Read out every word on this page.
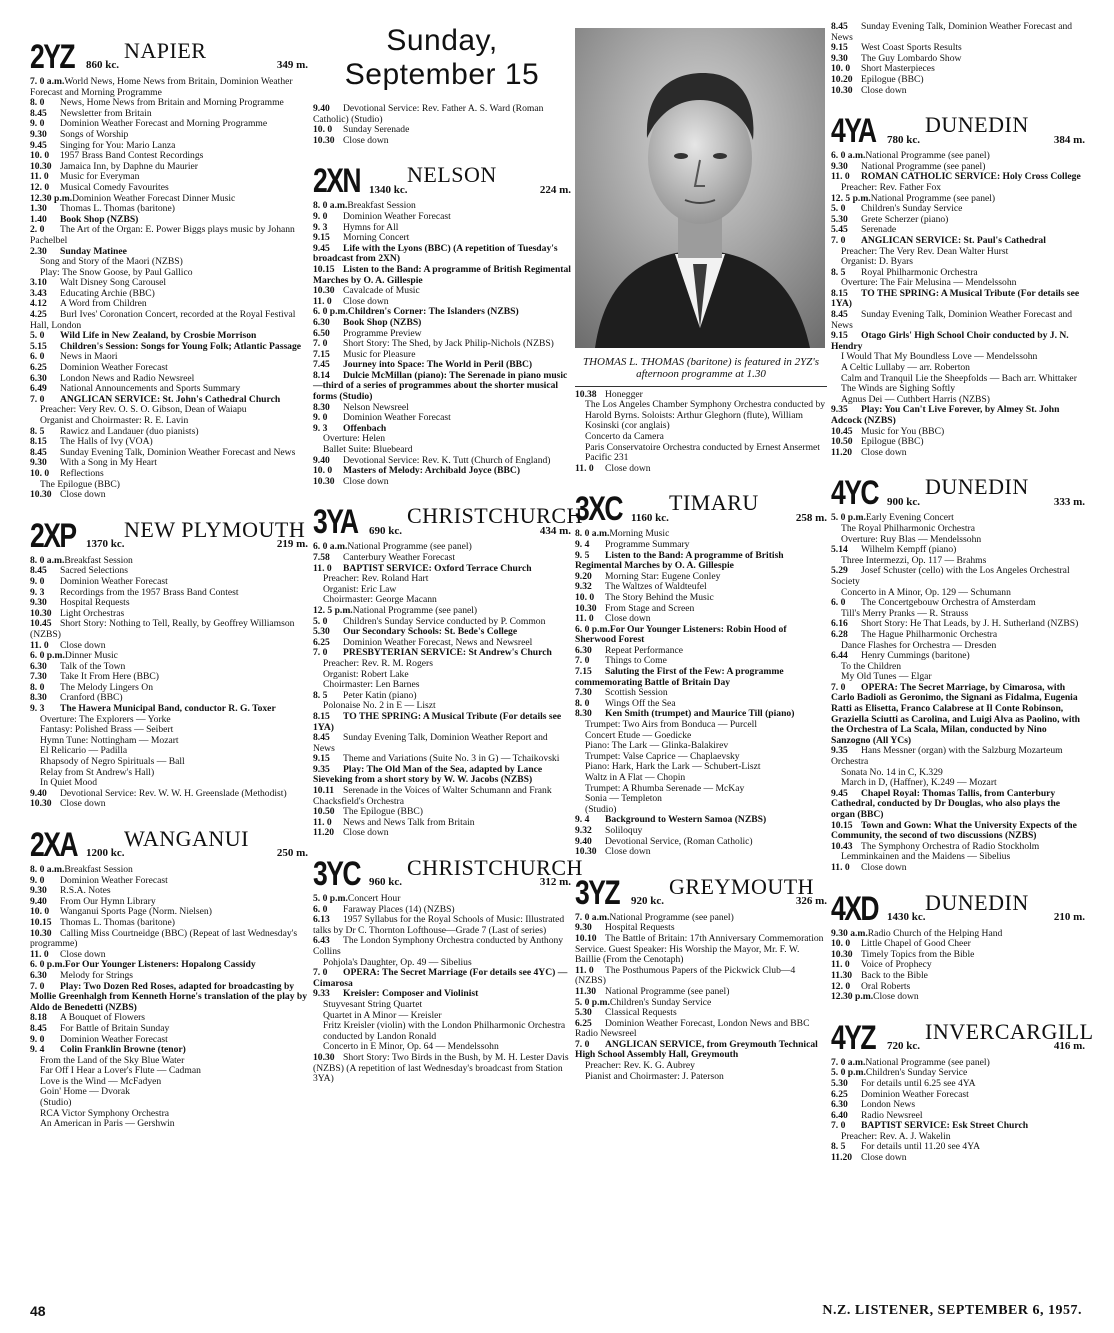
2YZ 860 kc.
NAPIER
349 m.

7. 0 a.m.World News, Home News from Britain, Dominion Weather Forecast and Morning Programme

8. 0News, Home News from Britain and Morning Programme

8.45Newsletter from Britain

9. 0Dominion Weather Forecast and Morning Programme

9.30Songs of Worship

9.45Singing for You: Mario Lanza

10. 01957 Brass Band Contest Recordings

10.30Jamaica Inn, by Daphne du Maurier

11. 0Music for Everyman

12. 0Musical Comedy Favourites

12.30 p.m.Dominion Weather Forecast Dinner Music

1.30Thomas L. Thomas (baritone)

1.40Book Shop (NZBS)

2. 0The Art of the Organ: E. Power Biggs plays music by Johann Pachelbel

2.30Sunday Matinee

Song and Story of the Maori (NZBS)

Play: The Snow Goose, by Paul Gallico

3.10Walt Disney Song Carousel

3.43Educating Archie (BBC)

4.12A Word from Children

4.25Burl Ives' Coronation Concert, recorded at the Royal Festival Hall, London

5. 0Wild Life in New Zealand, by Crosbie Morrison

5.15Children's Session: Songs for Young Folk; Atlantic Passage

6. 0News in Maori

6.25Dominion Weather Forecast

6.30London News and Radio Newsreel

6.49National Announcements and Sports Summary

7. 0ANGLICAN SERVICE: St. John's Cathedral Church

Preacher: Very Rev. O. S. O. Gibson, Dean of Waiapu

Organist and Choirmaster: R. E. Lavin

8. 5Rawicz and Landauer (duo pianists)

8.15The Halls of Ivy (VOA)

8.45Sunday Evening Talk, Dominion Weather Forecast and News

9.30With a Song in My Heart

10. 0Reflections

The Epilogue (BBC)

10.30Close down

2XP 1370 kc.
NEW PLYMOUTH
219 m.

8. 0 a.m.Breakfast Session

8.45Sacred Selections

9. 0Dominion Weather Forecast

9. 3Recordings from the 1957 Brass Band Contest

9.30Hospital Requests

10.30Light Orchestras

10.45Short Story: Nothing to Tell, Really, by Geoffrey Williamson (NZBS)

11. 0Close down

6. 0 p.m.Dinner Music

6.30Talk of the Town

7.30Take It From Here (BBC)

8. 0The Melody Lingers On

8.30Cranford (BBC)

9. 3The Hawera Municipal Band, conductor R. G. Toxer

Overture: The Explorers — Yorke

Fantasy: Polished Brass — Seibert

Hymn Tune: Nottingham — Mozart

El Relicario — Padilla

Rhapsody of Negro Spirituals — Ball

Relay from St Andrew's Hall)

In Quiet Mood

9.40Devotional Service: Rev. W. W. H. Greenslade (Methodist)

10.30Close down

2XA 1200 kc.
WANGANUI
250 m.

8. 0 a.m.Breakfast Session

9. 0Dominion Weather Forecast

9.30R.S.A. Notes

9.40From Our Hymn Library

10. 0Wanganui Sports Page (Norm. Nielsen)

10.15Thomas L. Thomas (baritone)

10.30Calling Miss Courtneidge (BBC) (Repeat of last Wednesday's programme)

11. 0Close down

6. 0 p.m.For Our Younger Listeners: Hopalong Cassidy

6.30Melody for Strings

7. 0Play: Two Dozen Red Roses, adapted for broadcasting by Mollie Greenhalgh from Kenneth Horne's translation of the play by Aldo de Benedetti (NZBS)

8.18A Bouquet of Flowers

8.45For Battle of Britain Sunday

9. 0Dominion Weather Forecast

9. 4Colin Franklin Browne (tenor)

From the Land of the Sky Blue Water

Far Off I Hear a Lover's Flute — Cadman

Love is the Wind — McFadyen

Goin' Home — Dvorak

(Studio)

RCA Victor Symphony Orchestra

An American in Paris — Gershwin

Sunday, September 15

9.40Devotional Service: Rev. Father A. S. Ward (Roman Catholic) (Studio)

10. 0Sunday Serenade

10.30Close down

2XN 1340 kc.
NELSON
224 m.

8. 0 a.m.Breakfast Session

9. 0Dominion Weather Forecast

9. 3Hymns for All

9.15Morning Concert

9.45Life with the Lyons (BBC) (A repetition of Tuesday's broadcast from 2XN)

10.15Listen to the Band: A programme of British Regimental Marches by O. A. Gillespie

10.30Cavalcade of Music

11. 0Close down

6. 0 p.m.Children's Corner: The Islanders (NZBS)

6.30Book Shop (NZBS)

6.50Programme Preview

7. 0Short Story: The Shed, by Jack Philip-Nichols (NZBS)

7.15Music for Pleasure

7.45Journey into Space: The World in Peril (BBC)

8.14Dulcie McMillan (piano): The Serenade in piano music—third of a series of programmes about the shorter musical forms (Studio)

8.30Nelson Newsreel

9. 0Dominion Weather Forecast

9. 3Offenbach

Overture: Helen

Ballet Suite: Bluebeard

9.40Devotional Service: Rev. K. Tutt (Church of England)

10. 0Masters of Melody: Archibald Joyce (BBC)

10.30Close down

3YA 690 kc.
CHRISTCHURCH
434 m.

6. 0 a.m.National Programme (see panel)

7.58Canterbury Weather Forecast

11. 0BAPTIST SERVICE: Oxford Terrace Church

Preacher: Rev. Roland Hart

Organist: Eric Law

Choirmaster: George Macann

12. 5 p.m.National Programme (see panel)

5. 0Children's Sunday Service conducted by P. Common

5.30Our Secondary Schools: St. Bede's College

6.25Dominion Weather Forecast, News and Newsreel

7. 0PRESBYTERIAN SERVICE: St Andrew's Church

Preacher: Rev. R. M. Rogers

Organist: Robert Lake

Choirmaster: Len Barnes

8. 5Peter Katin (piano)

Polonaise No. 2 in E — Liszt

8.15TO THE SPRING: A Musical Tribute (For details see 1YA)

8.45Sunday Evening Talk, Dominion Weather Report and News

9.15Theme and Variations (Suite No. 3 in G) — Tchaikovski

9.35Play: The Old Man of the Sea, adapted by Lance Sieveking from a short story by W. W. Jacobs (NZBS)

10.11Serenade in the Voices of Walter Schumann and Frank Chacksfield's Orchestra

10.50The Epilogue (BBC)

11. 0News and News Talk from Britain

11.20Close down

3YC 960 kc.
CHRISTCHURCH
312 m.

5. 0 p.m.Concert Hour

6. 0Faraway Places (14) (NZBS)

6.131957 Syllabus for the Royal Schools of Music: Illustrated talks by Dr C. Thornton Lofthouse—Grade 7 (Last of series)

6.43The London Symphony Orchestra conducted by Anthony Collins

Pohjola's Daughter, Op. 49 — Sibelius

7. 0OPERA: The Secret Marriage (For details see 4YC) — Cimarosa

9.33Kreisler: Composer and Violinist

Stuyvesant String Quartet

Quartet in A Minor — Kreisler

Fritz Kreisler (violin) with the London Philharmonic Orchestra conducted by Landon Ronald

Concerto in E Minor, Op. 64 — Mendelssohn

10.30Short Story: Two Birds in the Bush, by M. H. Lester Davis (NZBS) (A repetition of last Wednesday's broadcast from Station 3YA)

THOMAS L. THOMAS (baritone) is featured in 2YZ's afternoon programme at 1.30

10.38Honegger

The Los Angeles Chamber Symphony Orchestra conducted by Harold Byrns. Soloists: Arthur Gleghorn (flute), William Kosinski (cor anglais)

Concerto da Camera

Paris Conservatoire Orchestra conducted by Ernest Ansermet

Pacific 231

11. 0Close down

3XC 1160 kc.
TIMARU
258 m.

8. 0 a.m.Morning Music

9. 4Programme Summary

9. 5Listen to the Band: A programme of British Regimental Marches by O. A. Gillespie

9.20Morning Star: Eugene Conley

9.32The Waltzes of Waldteufel

10. 0The Story Behind the Music

10.30From Stage and Screen

11. 0Close down

6. 0 p.m.For Our Younger Listeners: Robin Hood of Sherwood Forest

6.30Repeat Performance

7. 0Things to Come

7.15Saluting the First of the Few: A programme commemorating Battle of Britain Day

7.30Scottish Session

8. 0Wings Off the Sea

8.30Ken Smith (trumpet) and Maurice Till (piano)

Trumpet: Two Airs from Bonduca — Purcell

Concert Etude — Goedicke

Piano: The Lark — Glinka-Balakirev

Trumpet: Valse Caprice — Chaplaevsky

Piano: Hark, Hark the Lark — Schubert-Liszt

Waltz in A Flat — Chopin

Trumpet: A Rhumba Serenade — McKay

Sonia — Templeton

(Studio)

9. 4Background to Western Samoa (NZBS)

9.32Soliloquy

9.40Devotional Service, (Roman Catholic)

10.30Close down

3YZ 920 kc.
GREYMOUTH
326 m.

7. 0 a.m.National Programme (see panel)

9.30Hospital Requests

10.10The Battle of Britain: 17th Anniversary Commemoration Service. Guest Speaker: His Worship the Mayor, Mr. F. W. Baillie (From the Cenotaph)

11. 0The Posthumous Papers of the Pickwick Club—4 (NZBS)

11.30National Programme (see panel)

5. 0 p.m.Children's Sunday Service

5.30Classical Requests

6.25Dominion Weather Forecast, London News and BBC Radio Newsreel

7. 0ANGLICAN SERVICE, from Greymouth Technical High School Assembly Hall, Greymouth

Preacher: Rev. K. G. Aubrey

Pianist and Choirmaster: J. Paterson

8.45Sunday Evening Talk, Dominion Weather Forecast and News

9.15West Coast Sports Results

9.30The Guy Lombardo Show

10. 0Short Masterpieces

10.20Epilogue (BBC)

10.30Close down

4YA 780 kc.
DUNEDIN
384 m.

6. 0 a.m.National Programme (see panel)

9.30National Programme (see panel)

11. 0ROMAN CATHOLIC SERVICE: Holy Cross College

Preacher: Rev. Father Fox

12. 5 p.m.National Programme (see panel)

5. 0Children's Sunday Service

5.30Grete Scherzer (piano)

5.45Serenade

7. 0ANGLICAN SERVICE: St. Paul's Cathedral

Preacher: The Very Rev. Dean Walter Hurst

Organist: D. Byars

8. 5Royal Philharmonic Orchestra

Overture: The Fair Melusina — Mendelssohn

8.15TO THE SPRING: A Musical Tribute (For details see 1YA)

8.45Sunday Evening Talk, Dominion Weather Forecast and News

9.15Otago Girls' High School Choir conducted by J. N. Hendry

I Would That My Boundless Love — Mendelssohn

A Celtic Lullaby — arr. Roberton

Calm and Tranquil Lie the Sheepfolds — Bach arr. Whittaker

The Winds are Sighing Softly

Agnus Dei — Cuthbert Harris (NZBS)

9.35Play: You Can't Live Forever, by Almey St. John Adcock (NZBS)

10.45Music for You (BBC)

10.50Epilogue (BBC)

11.20Close down

4YC 900 kc.
DUNEDIN
333 m.

5. 0 p.m.Early Evening Concert

The Royal Philharmonic Orchestra

Overture: Ruy Blas — Mendelssohn

5.14Wilhelm Kempff (piano)

Three Intermezzi, Op. 117 — Brahms

5.29Josef Schuster (cello) with the Los Angeles Orchestral Society

Concerto in A Minor, Op. 129 — Schumann

6. 0The Concertgebouw Orchestra of Amsterdam

Till's Merry Pranks — R. Strauss

6.16Short Story: He That Leads, by J. H. Sutherland (NZBS)

6.28The Hague Philharmonic Orchestra

Dance Flashes for Orchestra — Dresden

6.44Henry Cummings (baritone)

To the Children

My Old Tunes — Elgar

7. 0OPERA: The Secret Marriage, by Cimarosa, with Carlo Badioli as Geronimo, the Signani as Fidalma, Eugenia Ratti as Elisetta, Franco Calabrese at Il Conte Robinson, Graziella Sciutti as Carolina, and Luigi Alva as Paolino, with the Orchestra of La Scala, Milan, conducted by Nino Sanzogno (All YCs)

9.35Hans Messner (organ) with the Salzburg Mozarteum Orchestra

Sonata No. 14 in C, K.329

March in D, (Haffner), K.249 — Mozart

9.45Chapel Royal: Thomas Tallis, from Canterbury Cathedral, conducted by Dr Douglas, who also plays the organ (BBC)

10.15Town and Gown: What the University Expects of the Community, the second of two discussions (NZBS)

10.43The Symphony Orchestra of Radio Stockholm

Lemminkainen and the Maidens — Sibelius

11. 0Close down

4XD 1430 kc.
DUNEDIN
210 m.

9.30 a.m.Radio Church of the Helping Hand

10. 0Little Chapel of Good Cheer

10.30Timely Topics from the Bible

11. 0Voice of Prophecy

11.30Back to the Bible

12. 0Oral Roberts

12.30 p.m.Close down

4YZ 720 kc.
INVERCARGILL
416 m.

7. 0 a.m.National Programme (see panel)

5. 0 p.m.Children's Sunday Service

5.30For details until 6.25 see 4YA

6.25Dominion Weather Forecast

6.30London News

6.40Radio Newsreel

7. 0BAPTIST SERVICE: Esk Street Church

Preacher: Rev. A. J. Wakelin

8. 5For details until 11.20 see 4YA

11.20Close down

48	N.Z. LISTENER, SEPTEMBER 6, 1957.
